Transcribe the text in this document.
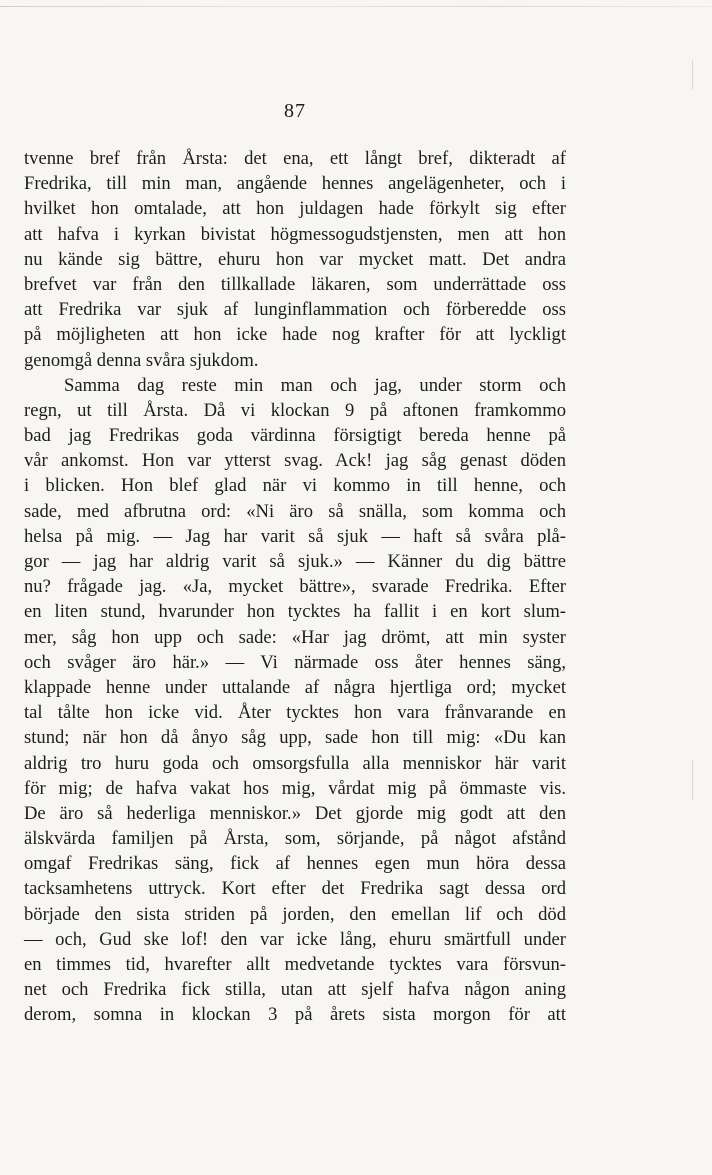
87
tvenne bref från Årsta: det ena, ett långt bref, dikteradt af
Fredrika, till min man, angående hennes angelägenheter, och i
hvilket hon omtalade, att hon juldagen hade förkylt sig efter
att hafva i kyrkan bivistat högmessogudstjensten, men att hon
nu kände sig bättre, ehuru hon var mycket matt. Det andra
brefvet var från den tillkallade läkaren, som underrättade oss
att Fredrika var sjuk af lunginflammation och förberedde oss
på möjligheten att hon icke hade nog krafter för att lyckligt
genomgå denna svåra sjukdom.
Samma dag reste min man och jag, under storm och
regn, ut till Årsta. Då vi klockan 9 på aftonen framkommo
bad jag Fredrikas goda värdinna försigtigt bereda henne på
vår ankomst. Hon var ytterst svag. Ack! jag såg genast döden
i blicken. Hon blef glad när vi kommo in till henne, och
sade, med afbrutna ord: «Ni äro så snälla, som komma och
helsa på mig. — Jag har varit så sjuk — haft så svåra plå-
gor — jag har aldrig varit så sjuk.» — Känner du dig bättre
nu? frågade jag. «Ja, mycket bättre», svarade Fredrika. Efter
en liten stund, hvarunder hon tycktes ha fallit i en kort slum-
mer, såg hon upp och sade: «Har jag drömt, att min syster
och svåger äro här.» — Vi närmade oss åter hennes säng,
klappade henne under uttalande af några hjertliga ord; mycket
tal tålte hon icke vid. Åter tycktes hon vara frånvarande en
stund; när hon då ånyo såg upp, sade hon till mig: «Du kan
aldrig tro huru goda och omsorgsfulla alla menniskor här varit
för mig; de hafva vakat hos mig, vårdat mig på ömmaste vis.
De äro så hederliga menniskor.» Det gjorde mig godt att den
älskvärda familjen på Årsta, som, sörjande, på något afstånd
omgaf Fredrikas säng, fick af hennes egen mun höra dessa
tacksamhetens uttryck. Kort efter det Fredrika sagt dessa ord
började den sista striden på jorden, den emellan lif och död
— och, Gud ske lof! den var icke lång, ehuru smärtfull under
en timmes tid, hvarefter allt medvetande tycktes vara försvun-
net och Fredrika fick stilla, utan att sjelf hafva någon aning
derom, somna in klockan 3 på årets sista morgon för att
